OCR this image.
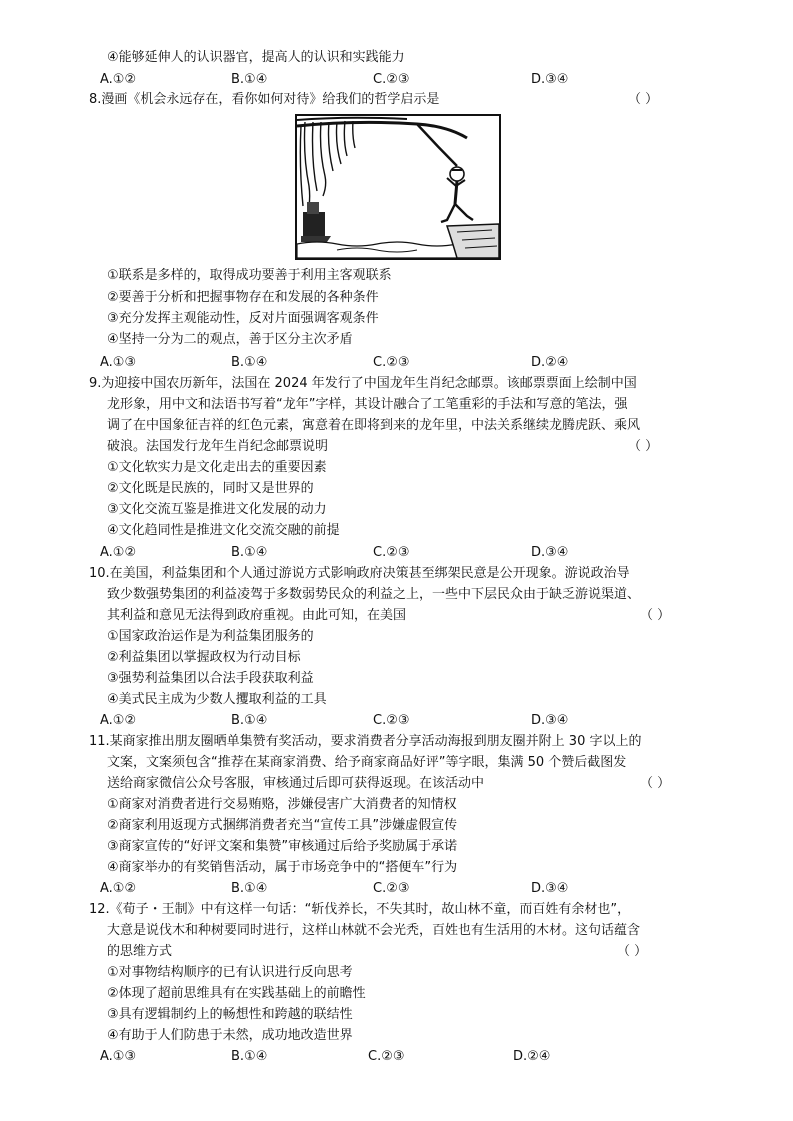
④能够延伸人的认识器官，提高人的认识和实践能力
A.①②	B.①④	C.②③	D.③④
8.漫画《机会永远存在，看你如何对待》给我们的哲学启示是	（ ）
①联系是多样的，取得成功要善于利用主客观联系
②要善于分析和把握事物存在和发展的各种条件
③充分发挥主观能动性，反对片面强调客观条件
④坚持一分为二的观点，善于区分主次矛盾
A.①③	B.①④	C.②③	D.②④
9.为迎接中国农历新年，法国在 2024 年发行了中国龙年生肖纪念邮票。该邮票票面上绘制中国
龙形象，用中文和法语书写着“龙年”字样，其设计融合了工笔重彩的手法和写意的笔法，强
调了在中国象征吉祥的红色元素，寓意着在即将到来的龙年里，中法关系继续龙腾虎跃、乘风
破浪。法国发行龙年生肖纪念邮票说明	（ ）
①文化软实力是文化走出去的重要因素
②文化既是民族的，同时又是世界的
③文化交流互鉴是推进文化发展的动力
④文化趋同性是推进文化交流交融的前提
A.①②	B.①④	C.②③	D.③④
10.在美国，利益集团和个人通过游说方式影响政府决策甚至绑架民意是公开现象。游说政治导
致少数强势集团的利益凌驾于多数弱势民众的利益之上，一些中下层民众由于缺乏游说渠道、
其利益和意见无法得到政府重视。由此可知，在美国	（ ）
①国家政治运作是为利益集团服务的
②利益集团以掌握政权为行动目标
③强势利益集团以合法手段获取利益
④美式民主成为少数人攫取利益的工具
A.①②	B.①④	C.②③	D.③④
11.某商家推出朋友圈晒单集赞有奖活动，要求消费者分享活动海报到朋友圈并附上 30 字以上的
文案，文案须包含“推荐在某商家消费、给予商家商品好评”等字眼，集满 50 个赞后截图发
送给商家微信公众号客服，审核通过后即可获得返现。在该活动中	（ ）
①商家对消费者进行交易贿赂，涉嫌侵害广大消费者的知情权
②商家利用返现方式捆绑消费者充当“宣传工具”涉嫌虚假宣传
③商家宣传的“好评文案和集赞”审核通过后给予奖励属于承诺
④商家举办的有奖销售活动，属于市场竞争中的“搭便车”行为
A.①②	B.①④	C.②③	D.③④
12.《荀子・王制》中有这样一句话：“斩伐养长，不失其时，故山林不童，而百姓有余材也”，
大意是说伐木和种树要同时进行，这样山林就不会光秃，百姓也有生活用的木材。这句话蕴含
的思维方式	（ ）
①对事物结构顺序的已有认识进行反向思考
②体现了超前思维具有在实践基础上的前瞻性
③具有逻辑制约上的畅想性和跨越的联结性
④有助于人们防患于未然，成功地改造世界
A.①③	B.①④	C.②③	D.②④
